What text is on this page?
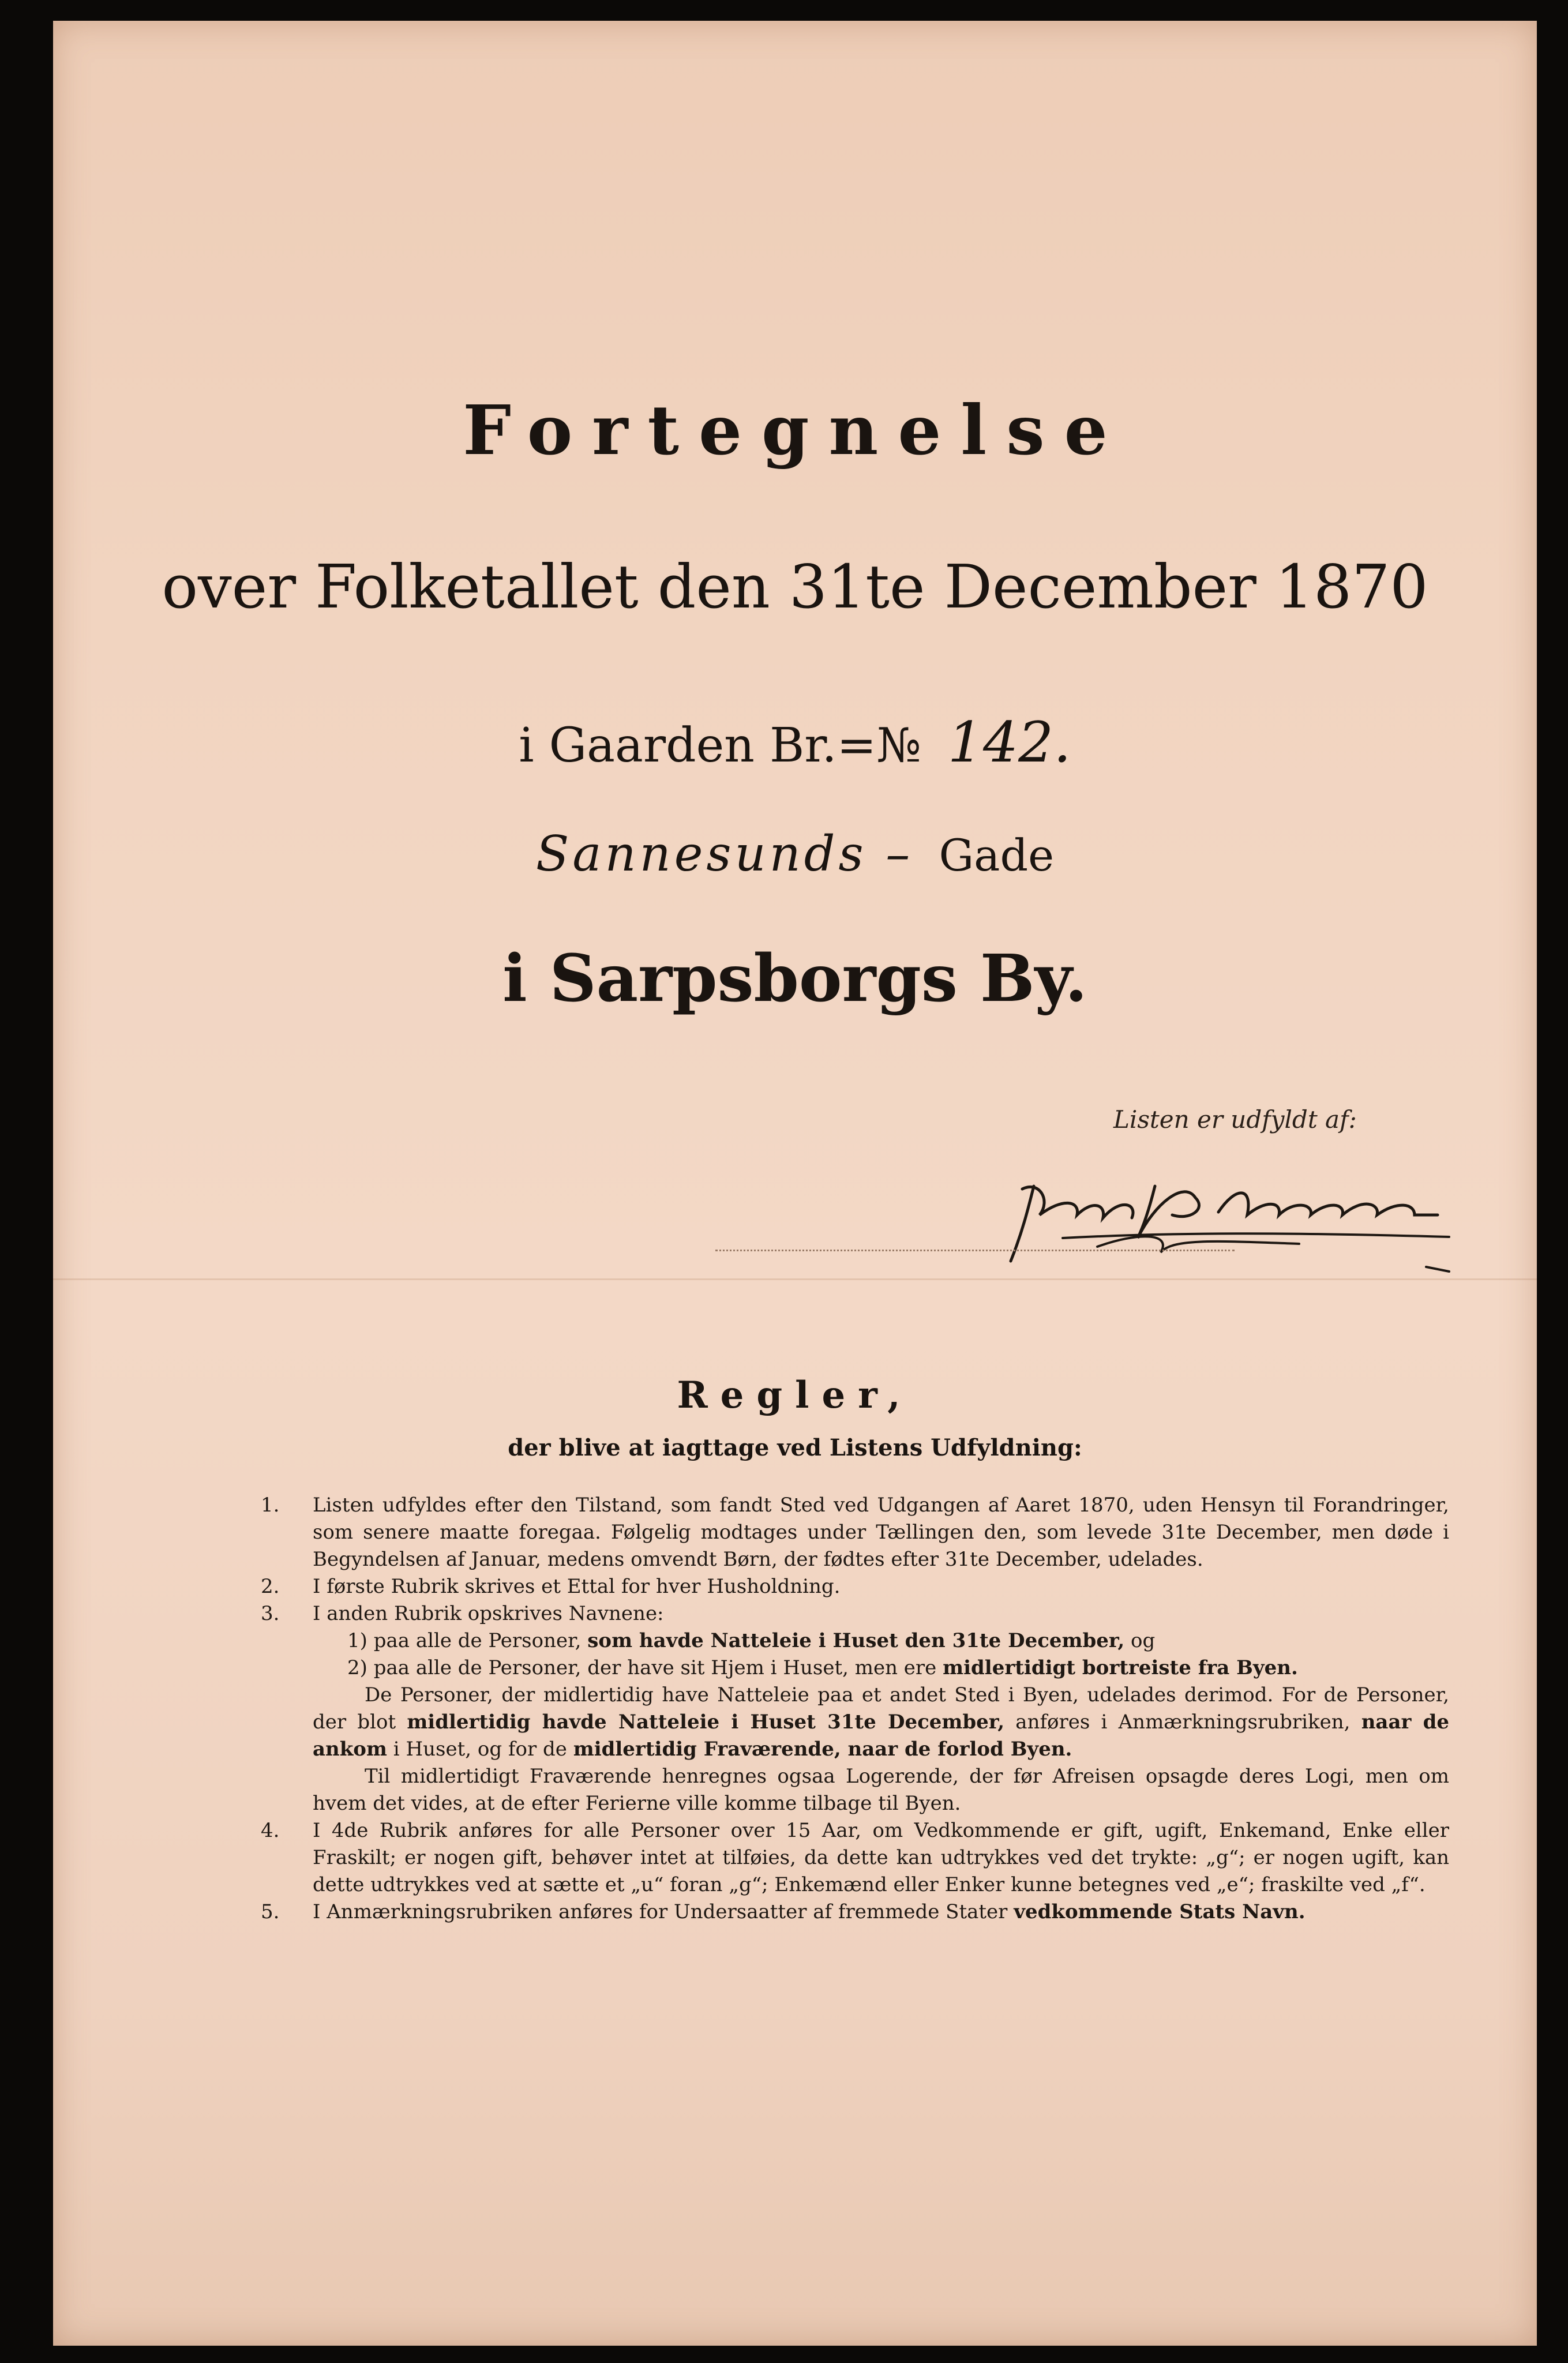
Fortegnelse
over Folketallet den 31te December 1870
i Gaarden Br.=№ 142.
Sannesunds – Gade
i Sarpsborgs By.
Listen er udfyldt af:
Regler,
der blive at iagttage ved Listens Udfyldning:
1. Listen udfyldes efter den Tilstand, som fandt Sted ved Udgangen af Aaret 1870, uden Hensyn til Forandringer, som senere maatte foregaa. Følgelig modtages under Tællingen den, som levede 31te December, men døde i Begyndelsen af Januar, medens omvendt Børn, der fødtes efter 31te December, udelades.
2. I første Rubrik skrives et Ettal for hver Husholdning.
3. I anden Rubrik opskrives Navnene:
1) paa alle de Personer, som havde Natteleie i Huset den 31te December, og
2) paa alle de Personer, der have sit Hjem i Huset, men ere midlertidigt bortreiste fra Byen.
De Personer, der midlertidig have Natteleie paa et andet Sted i Byen, udelades derimod. For de Personer, der blot midlertidig havde Natteleie i Huset 31te December, anføres i Anmærkningsrubriken, naar de ankom i Huset, og for de midlertidig Fraværende, naar de forlod Byen.
Til midlertidigt Fraværende henregnes ogsaa Logerende, der før Afreisen opsagde deres Logi, men om hvem det vides, at de efter Ferierne ville komme tilbage til Byen.
4. I 4de Rubrik anføres for alle Personer over 15 Aar, om Vedkommende er gift, ugift, Enkemand, Enke eller Fraskilt; er nogen gift, behøver intet at tilføies, da dette kan udtrykkes ved det trykte: „g“; er nogen ugift, kan dette udtrykkes ved at sætte et „u“ foran „g“; Enkemænd eller Enker kunne betegnes ved „e“; fraskilte ved „f“.
5. I Anmærkningsrubriken anføres for Undersaatter af fremmede Stater vedkommende Stats Navn.
